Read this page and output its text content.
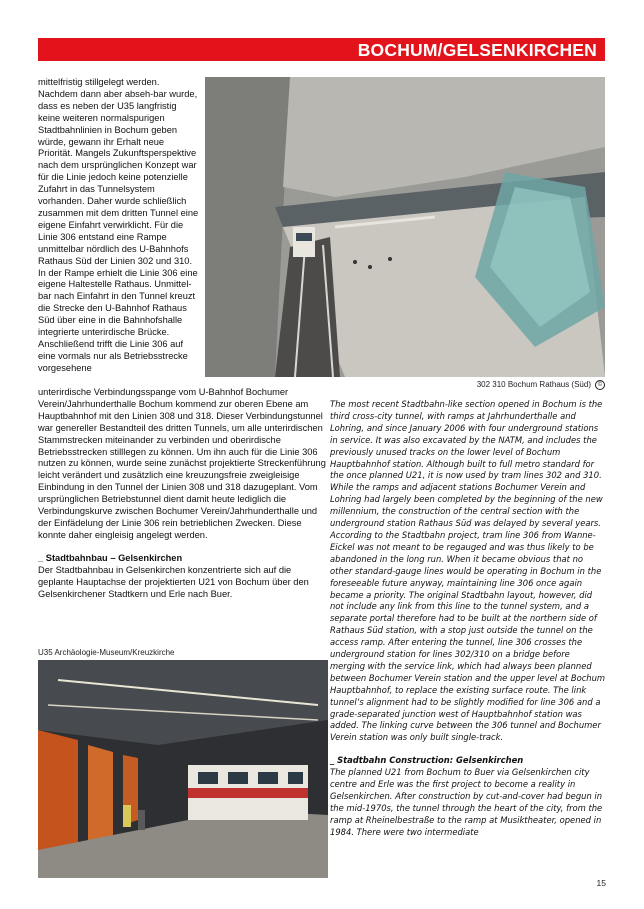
BOCHUM/GELSENKIRCHEN

mittelfristig stillgelegt werden. Nachdem dann aber abseh-bar wurde, dass es neben der U35 langfristig keine weiteren normalspurigen Stadtbahnlinien in Bochum geben würde, gewann ihr Erhalt neue Priorität. Mangels Zukunftsperspektive nach dem ursprünglichen Konzept war für die Linie jedoch keine potenzielle Zufahrt in das Tunnelsystem vorhanden. Daher wurde schließlich zusammen mit dem dritten Tunnel eine eigene Einfahrt verwirklicht. Für die Linie 306 entstand eine Rampe unmittelbar nördlich des U-Bahnhofs Rathaus Süd der Linien 302 und 310. In der Rampe erhielt die Linie 306 eine eigene Haltestelle Rathaus. Unmittel-bar nach Einfahrt in den Tunnel kreuzt die Strecke den U-Bahnhof Rathaus Süd über eine in die Bahnhofshalle integrierte unterirdische Brücke. Anschließend trifft die Linie 306 auf eine vormals nur als Betriebsstrecke vorgesehene

302 310 Bochum Rathaus (Süd) ©

unterirdische Verbindungsspange vom U-Bahnhof Bochumer Verein/Jahrhunderthalle Bochum kommend zur oberen Ebene am Hauptbahnhof mit den Linien 308 und 318. Dieser Verbindungstunnel war genereller Bestandteil des dritten Tunnels, um alle unterirdischen Stammstrecken miteinander zu verbinden und oberirdische Betriebsstrecken stilllegen zu können. Um ihn auch für die Linie 306 nutzen zu können, wurde seine zunächst projektierte Streckenführung leicht verändert und zusätzlich eine kreuzungsfreie zweigleisige Einbindung in den Tunnel der Linien 308 und 318 dazugeplant. Vom ursprünglichen Betriebstunnel dient damit heute lediglich die Verbindungskurve zwischen Bochumer Verein/Jahrhunderthalle und der Einfädelung der Linie 306 rein betrieblichen Zwecken. Diese konnte daher eingleisig angelegt werden.

_ Stadtbahnbau – Gelsenkirchen

Der Stadtbahnbau in Gelsenkirchen konzentrierte sich auf die geplante Hauptachse der projektierten U21 von Bochum über den Gelsenkirchener Stadtkern und Erle nach Buer.

U35 Archäologie-Museum/Kreuzkirche

The most recent Stadtbahn-like section opened in Bochum is the third cross-city tunnel, with ramps at Jahrhunderthalle and Lohring, and since January 2006 with four underground stations in service. It was also excavated by the NATM, and includes the previously unused tracks on the lower level of Bochum Hauptbahnhof station. Although built to full metro standard for the once planned U21, it is now used by tram lines 302 and 310. While the ramps and adjacent stations Bochumer Verein and Lohring had largely been completed by the beginning of the new millennium, the construction of the central section with the underground station Rathaus Süd was delayed by several years.

According to the Stadtbahn project, tram line 306 from Wanne-Eickel was not meant to be regauged and was thus likely to be abandoned in the long run. When it became obvious that no other standard-gauge lines would be operating in Bochum in the foreseeable future anyway, maintaining line 306 once again became a priority. The original Stadtbahn layout, however, did not include any link from this line to the tunnel system, and a separate portal therefore had to be built at the northern side of Rathaus Süd station, with a stop just outside the tunnel on the access ramp. After entering the tunnel, line 306 crosses the underground station for lines 302/310 on a bridge before merging with the service link, which had always been planned between Bochumer Verein station and the upper level at Bochum Hauptbahnhof, to replace the existing surface route. The link tunnel’s alignment had to be slightly modified for line 306 and a grade-separated junction west of Hauptbahnhof station was added. The linking curve between the 306 tunnel and Bochumer Verein station was only built single-track.

_ Stadtbahn Construction: Gelsenkirchen

The planned U21 from Bochum to Buer via Gelsenkirchen city centre and Erle was the first project to become a reality in Gelsenkirchen. After construction by cut-and-cover had begun in the mid-1970s, the tunnel through the heart of the city, from the ramp at Rheinelbestraße to the ramp at Musiktheater, opened in 1984. There were two intermediate

15
